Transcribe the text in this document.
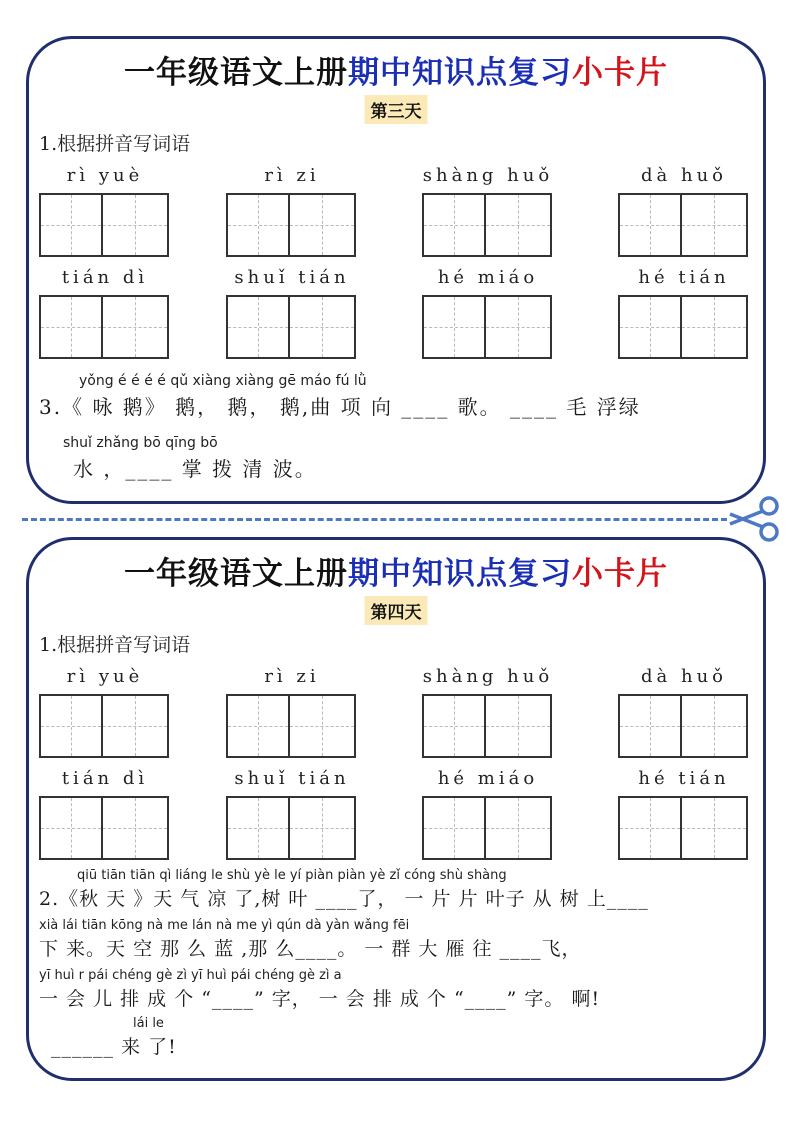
一年级语文上册期中知识点复习小卡片
第三天
1.根据拼音写词语
rì yuè	rì zi	shàng huǒ	dà huǒ
tián dì	shuǐ tián	hé miáo	hé tián
yǒng é é é é qǔ xiàng xiàng gē máo fú lǜ
3.《 咏 鹅》 鹅， 鹅， 鹅,曲 项 向 ____ 歌。 ____ 毛 浮绿
shuǐ zhǎng bō qīng bō
水 ，____ 掌 拨 清 波。
一年级语文上册期中知识点复习小卡片
第四天
1.根据拼音写词语
rì yuè	rì zi	shàng huǒ	dà huǒ
tián dì	shuǐ tián	hé miáo	hé tián
qiū tiān tiān qì liáng le shù yè le yí piàn piàn yè zǐ cóng shù shàng
2.《秋 天 》天 气 凉 了,树 叶 ____了， 一 片 片 叶子 从 树 上____
xià lái tiān kōng nà me lán nà me yì qún dà yàn wǎng fēi
下 来。天 空 那 么 蓝 ,那 么____。 一 群 大 雁 往 ____飞，
yī huì r pái chéng gè zì yī huì pái chéng gè zì a
一 会 儿 排 成 个 “____” 字， 一 会 排 成 个 “____” 字。 啊!
lái le
______ 来 了!
